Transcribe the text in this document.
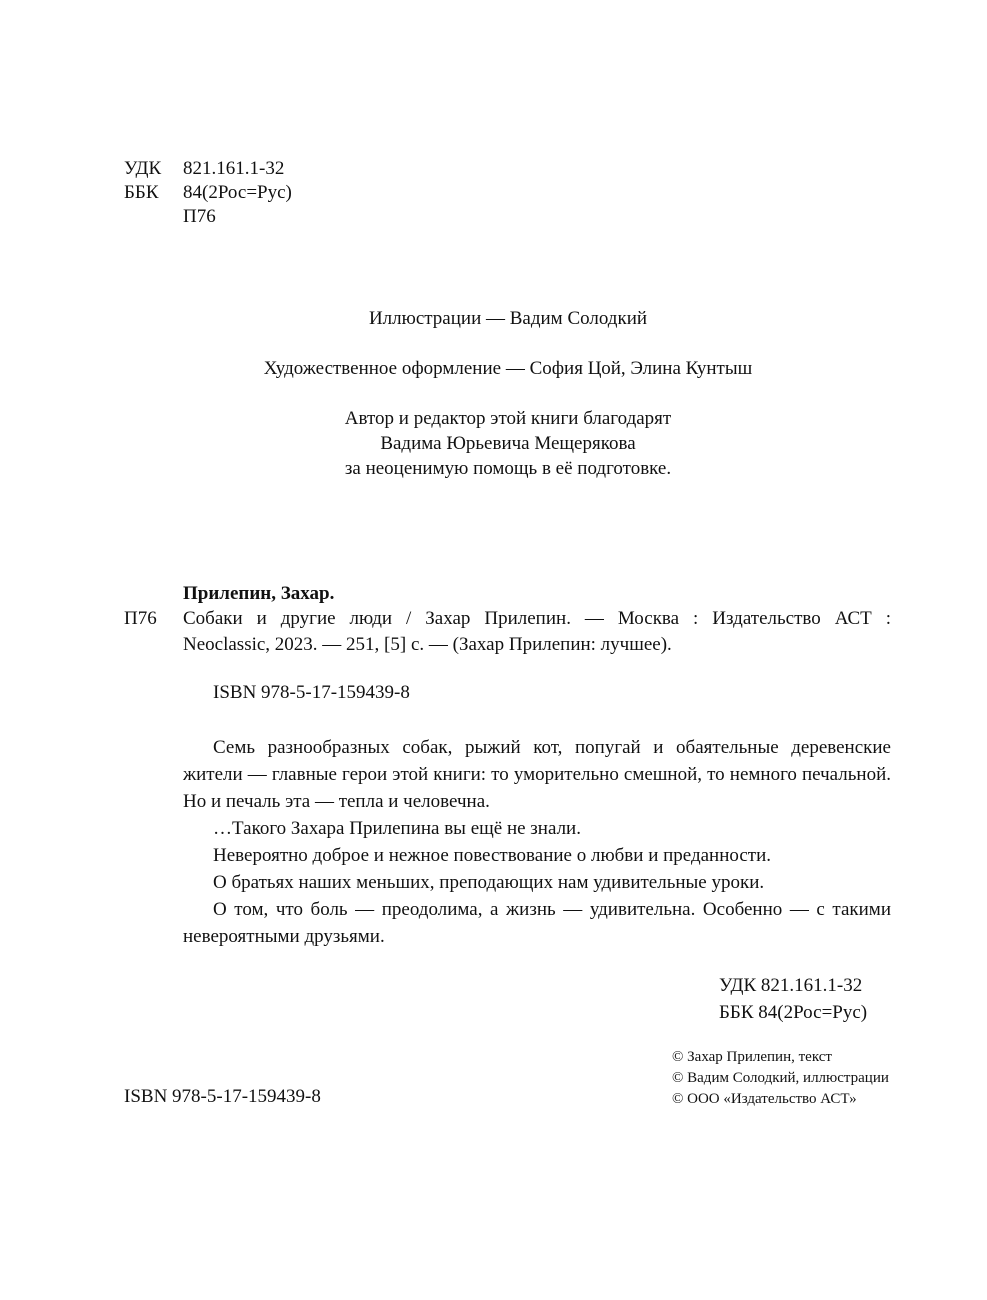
УДК	821.161.1-32
ББК	84(2Рос=Рус)
П76
Иллюстрации — Вадим Солодкий
Художественное оформление — София Цой, Элина Кунтыш
Автор и редактор этой книги благодарят
Вадима Юрьевича Мещерякова
за неоценимую помощь в её подготовке.
Прилепин, Захар.
П76 Собаки и другие люди / Захар Прилепин. — Москва : Издательство АСТ :
Neoclassic, 2023. — 251, [5] с. — (Захар Прилепин: лучшее).
ISBN 978-5-17-159439-8

Семь разнообразных собак, рыжий кот, попугай и обаятельные деревенские жители — главные герои этой книги: то уморительно смешной, то немного печальной. Но и печаль эта — тепла и человечна.

…Такого Захара Прилепина вы ещё не знали.

Невероятно доброе и нежное повествование о любви и преданности.

О братьях наших меньших, преподающих нам удивительные уроки.

О том, что боль — преодолима, а жизнь — удивительна. Особенно — с такими невероятными друзьями.

УДК 821.161.1-32
ББК 84(2Рос=Рус)
© Захар Прилепин, текст
© Вадим Солодкий, иллюстрации
© ООО «Издательство АСТ»
ISBN 978-5-17-159439-8
